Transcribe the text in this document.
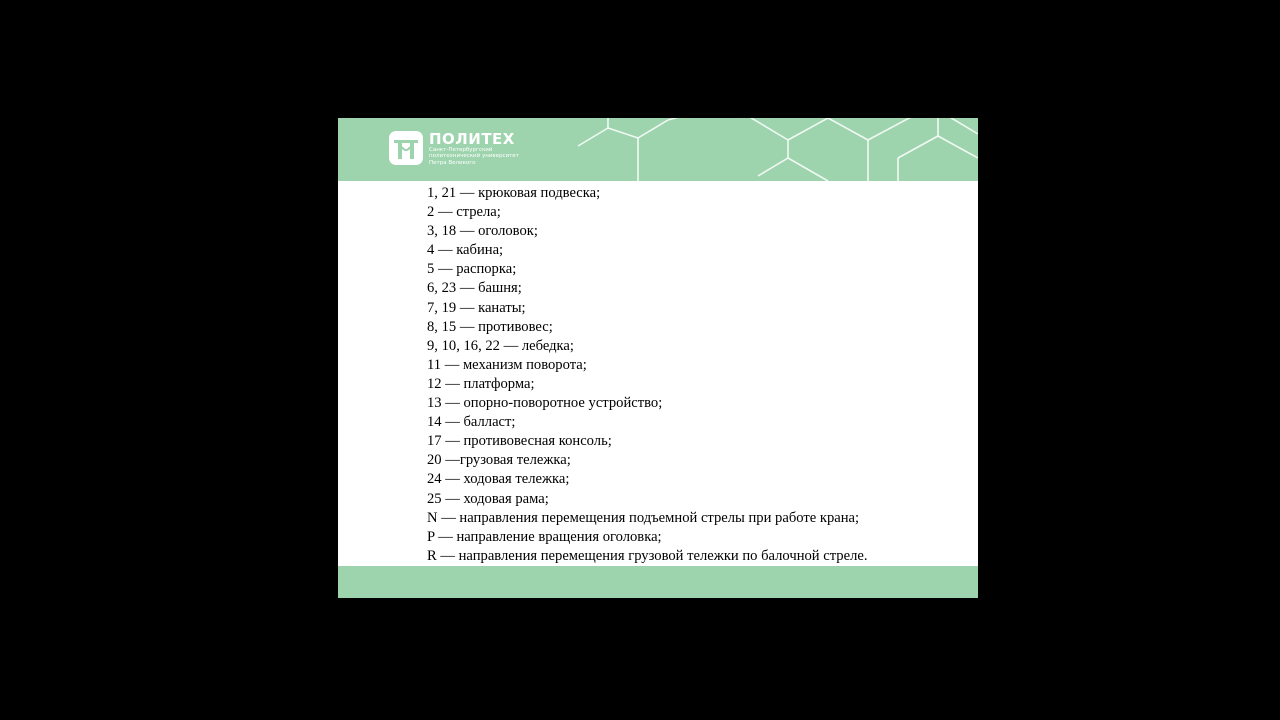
ПОЛИТЕХ
Санкт-Петербургский
политехнический университет
Петра Великого
1, 21 — крюковая подвеска;
2 — стрела;
3, 18 — оголовок;
4 — кабина;
5 — распорка;
6, 23 — башня;
7, 19 — канаты;
8, 15 — противовес;
9, 10, 16, 22 — лебедка;
11 — механизм поворота;
12 — платформа;
13 — опорно-поворотное устройство;
14 — балласт;
17 — противовесная консоль;
20 —грузовая тележка;
24 — ходовая тележка;
25 — ходовая рама;
N — направления перемещения подъемной стрелы при работе крана;
P — направление вращения оголовка;
R — направления перемещения грузовой тележки по балочной стреле.
